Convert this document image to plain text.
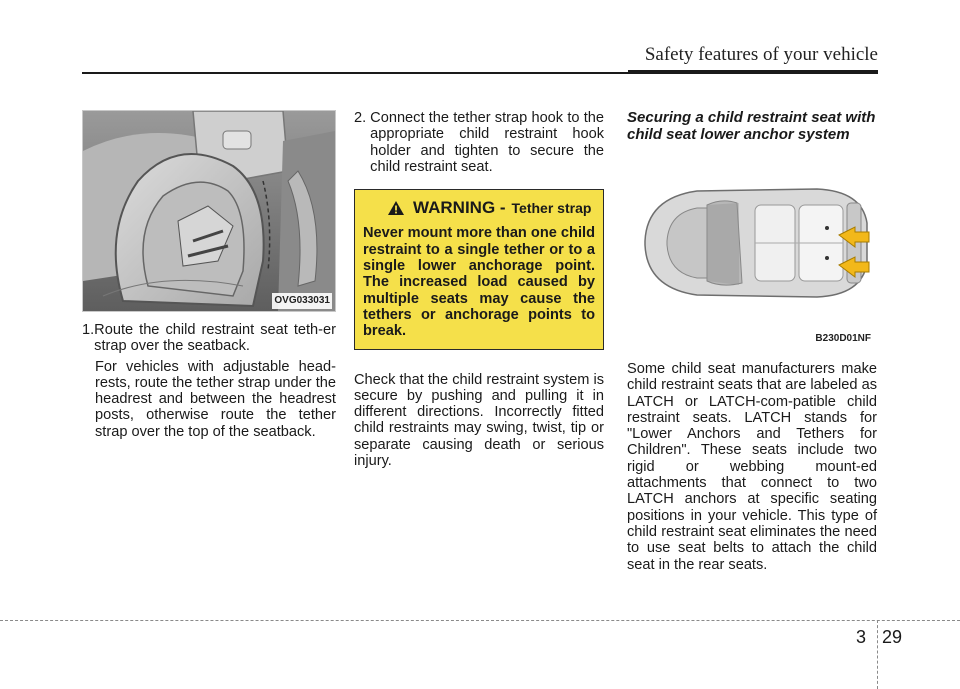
Safety features of your vehicle
OVG033031
1. Route the child restraint seat teth-er strap over the seatback.

For vehicles with adjustable head-rests, route the tether strap under the headrest and between the headrest posts, otherwise route the tether strap over the top of the seatback.

2. Connect the tether strap hook to the appropriate child restraint hook holder and tighten to secure the child restraint seat.
WARNING - Tether strap
Never mount more than one child restraint to a single tether or to a single lower anchorage point. The increased load caused by multiple seats may cause the tethers or anchorage points to break.

Check that the child restraint system is secure by pushing and pulling it in different directions. Incorrectly fitted child restraints may swing, twist, tip or separate causing death or serious injury.

Securing a child restraint seat with child seat lower anchor system
B230D01NF

Some child seat manufacturers make child restraint seats that are labeled as LATCH or LATCH-com-patible child restraint seats. LATCH stands for "Lower Anchors and Tethers for Children". These seats include two rigid or webbing mount-ed attachments that connect to two LATCH anchors at specific seating positions in your vehicle. This type of child restraint seat eliminates the need to use seat belts to attach the child seat in the rear seats.

3 29
